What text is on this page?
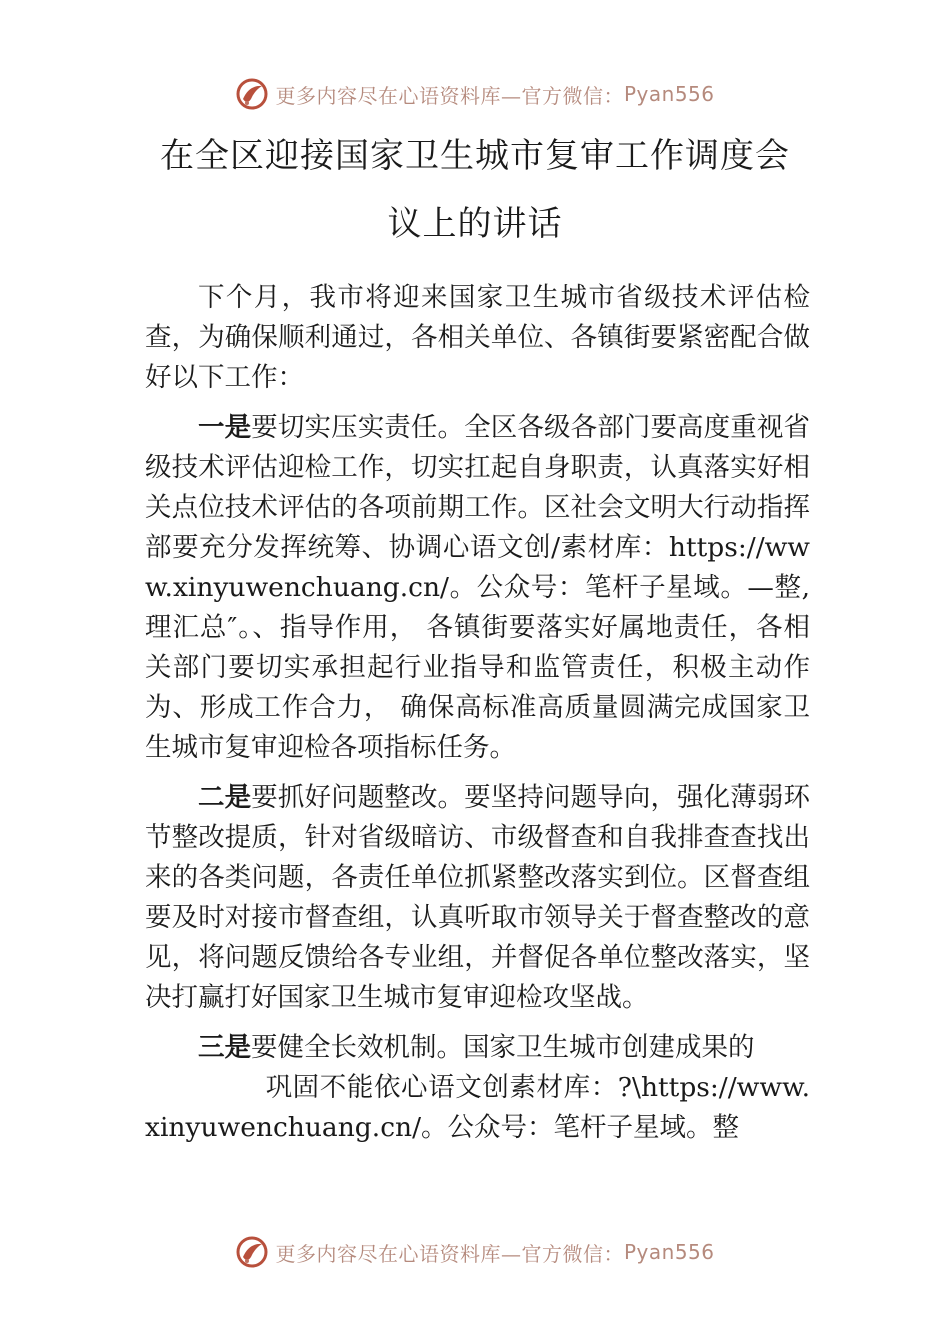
更多内容尽在心语资料库—官方微信： Pyan556
在全区迎接国家卫生城市复审工作调度会
议上的讲话

下个月，我市将迎来国家卫生城市省级技术评估检查，为确保顺利通过，各相关单位、各镇街要紧密配合做好以下工作：

一是要切实压实责任。全区各级各部门要高度重视省级技术评估迎检工作，切实扛起自身职责，认真落实好相关点位技术评估的各项前期工作。区社会文明大行动指挥部要充分发挥统筹、协调心语文创/素材库：https://www.xinyuwenchuang.cn/。公众号：笔杆子星域。—整,理汇总″。、指导作用， 各镇街要落实好属地责任，各相关部门要切实承担起行业指导和监管责任，积极主动作为、形成工作合力， 确保高标准高质量圆满完成国家卫生城市复审迎检各项指标任务。

二是要抓好问题整改。要坚持问题导向，强化薄弱环节整改提质，针对省级暗访、市级督查和自我排查查找出来的各类问题，各责任单位抓紧整改落实到位。区督查组要及时对接市督查组，认真听取市领导关于督查整改的意见，将问题反馈给各专业组，并督促各单位整改落实，坚决打赢打好国家卫生城市复审迎检攻坚战。

三是要健全长效机制。国家卫生城市创建成果的
巩固不能依心语文创素材库：?\https://www.xinyuwenchuang.cn/。公众号：笔杆子星域。整

更多内容尽在心语资料库—官方微信： Pyan556
